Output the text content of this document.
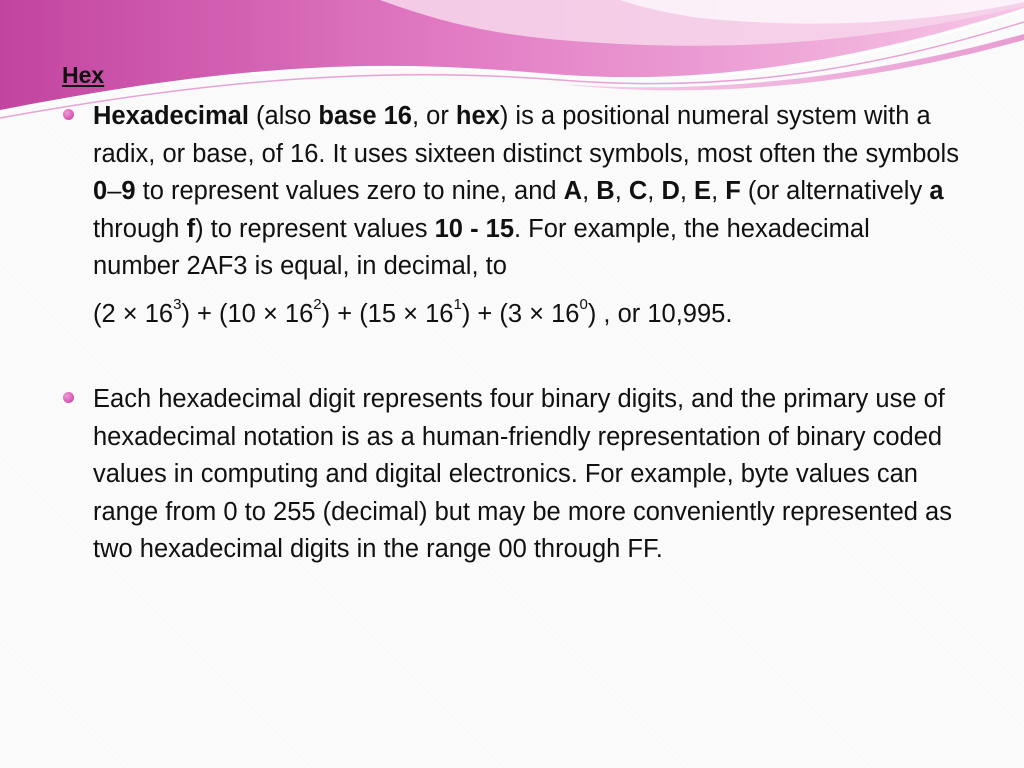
Hex
Hexadecimal (also base 16, or hex) is a positional numeral system with a radix, or base, of 16. It uses sixteen distinct symbols, most often the symbols 0–9 to represent values zero to nine, and A, B, C, D, E, F (or alternatively a through f) to represent values 10 - 15. For example, the hexadecimal number 2AF3 is equal, in decimal, to
$(2 \times 16^3) + (10 \times 16^2) + (15 \times 16^1) + (3 \times 16^0)$ , or 10,995.
Each hexadecimal digit represents four binary digits, and the primary use of hexadecimal notation is as a human-friendly representation of binary coded values in computing and digital electronics. For example, byte values can range from 0 to 255 (decimal) but may be more conveniently represented as two hexadecimal digits in the range 00 through FF.
